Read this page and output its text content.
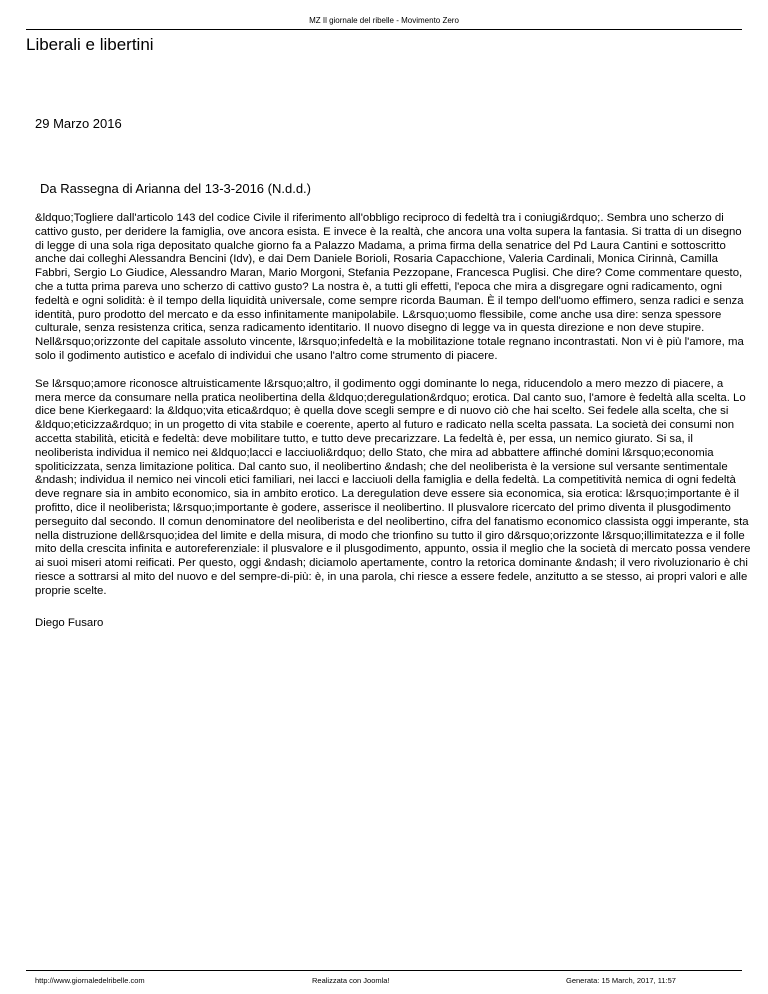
MZ Il giornale del ribelle - Movimento Zero
Liberali e libertini
29 Marzo 2016
Da Rassegna di Arianna del 13-3-2016 (N.d.d.)

&ldquo;Togliere dall'articolo 143 del codice Civile il riferimento all'obbligo reciproco di fedeltà tra i coniugi&rdquo;. Sembra uno scherzo di cattivo gusto, per deridere la famiglia, ove ancora esista. E invece è la realtà, che ancora una volta supera la fantasia. Si tratta di un disegno di legge di una sola riga depositato qualche giorno fa a Palazzo Madama, a prima firma della senatrice del Pd Laura Cantini e sottoscritto anche dai colleghi Alessandra Bencini (Idv), e dai Dem Daniele Borioli, Rosaria Capacchione, Valeria Cardinali, Monica Cirinnà, Camilla Fabbri, Sergio Lo Giudice, Alessandro Maran, Mario Morgoni, Stefania Pezzopane, Francesca Puglisi. Che dire? Come commentare questo, che a tutta prima pareva uno scherzo di cattivo gusto? La nostra è, a tutti gli effetti, l'epoca che mira a disgregare ogni radicamento, ogni fedeltà e ogni solidità: è il tempo della liquidità universale, come sempre ricorda Bauman. È il tempo dell'uomo effimero, senza radici e senza identità, puro prodotto del mercato e da esso infinitamente manipolabile. L&rsquo;uomo flessibile, come anche usa dire: senza spessore culturale, senza resistenza critica, senza radicamento identitario. Il nuovo disegno di legge va in questa direzione e non deve stupire. Nell&rsquo;orizzonte del capitale assoluto vincente, l&rsquo;infedeltà e la mobilitazione totale regnano incontrastati. Non vi è più l'amore, ma solo il godimento autistico e acefalo di individui che usano l'altro come strumento di piacere.

Se l&rsquo;amore riconosce altruisticamente l&rsquo;altro, il godimento oggi dominante lo nega, riducendolo a mero mezzo di piacere, a mera merce da consumare nella pratica neolibertina della &ldquo;deregulation&rdquo; erotica. Dal canto suo, l'amore è fedeltà alla scelta. Lo dice bene Kierkegaard: la &ldquo;vita etica&rdquo; è quella dove scegli sempre e di nuovo ciò che hai scelto. Sei fedele alla scelta, che si &ldquo;eticizza&rdquo; in un progetto di vita stabile e coerente, aperto al futuro e radicato nella scelta passata. La società dei consumi non accetta stabilità, eticità e fedeltà: deve mobilitare tutto, e tutto deve precarizzare. La fedeltà è, per essa, un nemico giurato. Si sa, il neoliberista individua il nemico nei &ldquo;lacci e lacciuoli&rdquo; dello Stato, che mira ad abbattere affinché domini l&rsquo;economia spoliticizzata, senza limitazione politica. Dal canto suo, il neolibertino &ndash; che del neoliberista è la versione sul versante sentimentale &ndash; individua il nemico nei vincoli etici familiari, nei lacci e lacciuoli della famiglia e della fedeltà. La competitività nemica di ogni fedeltà deve regnare sia in ambito economico, sia in ambito erotico. La deregulation deve essere sia economica, sia erotica: l&rsquo;importante è il profitto, dice il neoliberista; l&rsquo;importante è godere, asserisce il neolibertino. Il plusvalore ricercato del primo diventa il plusgodimento perseguito dal secondo. Il comun denominatore del neoliberista e del neolibertino, cifra del fanatismo economico classista oggi imperante, sta nella distruzione dell&rsquo;idea del limite e della misura, di modo che trionfino su tutto il giro d&rsquo;orizzonte l&rsquo;illimitatezza e il folle mito della crescita infinita e autoreferenziale: il plusvalore e il plusgodimento, appunto, ossia il meglio che la società di mercato possa vendere ai suoi miseri atomi reificati. Per questo, oggi &ndash; diciamolo apertamente, contro la retorica dominante &ndash; il vero rivoluzionario è chi riesce a sottrarsi al mito del nuovo e del sempre-di-più: è, in una parola, chi riesce a essere fedele, anzitutto a se stesso, ai propri valori e alle proprie scelte.

Diego Fusaro

http://www.giornaledelribelle.com	Realizzata con Joomla!	Generata: 15 March, 2017, 11:57
